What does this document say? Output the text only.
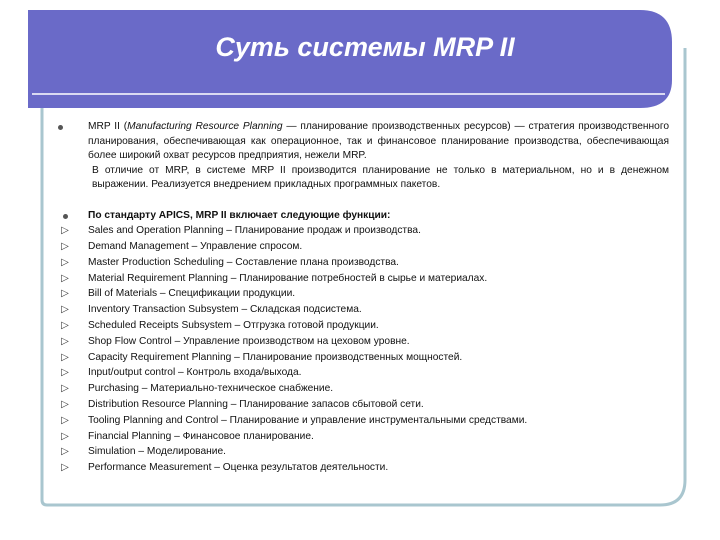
Суть системы MRP II
MRP II (Manufacturing Resource Planning — планирование производственных ресурсов) — стратегия производственного планирования, обеспечивающая как операционное, так и финансовое планирование производства, обеспечивающая более широкий охват ресурсов предприятия, нежели MRP.
В отличие от MRP, в системе MRP II производится планирование не только в материальном, но и в денежном выражении. Реализуется внедрением прикладных программных пакетов.
По стандарту APICS, MRP II включает следующие функции:
▷	Sales and Operation Planning – Планирование продаж и производства.
▷	Demand Management – Управление спросом.
▷	Master Production Scheduling – Составление плана производства.
▷	Material Requirement Planning – Планирование потребностей в сырье и материалах.
▷	Bill of Materials – Спецификации продукции.
▷	Inventory Transaction Subsystem – Складская подсистема.
▷	Scheduled Receipts Subsystem – Отгрузка готовой продукции.
▷	Shop Flow Control – Управление производством на цеховом уровне.
▷	Capacity Requirement Planning – Планирование производственных мощностей.
▷	Input/output control – Контроль входа/выхода.
▷	Purchasing – Материально-техническое снабжение.
▷	Distribution Resource Planning – Планирование запасов сбытовой сети.
▷	Tooling Planning and Control – Планирование и управление инструментальными средствами.
▷	Financial Planning – Финансовое планирование.
▷	Simulation – Моделирование.
▷	Performance Measurement – Оценка результатов деятельности.
